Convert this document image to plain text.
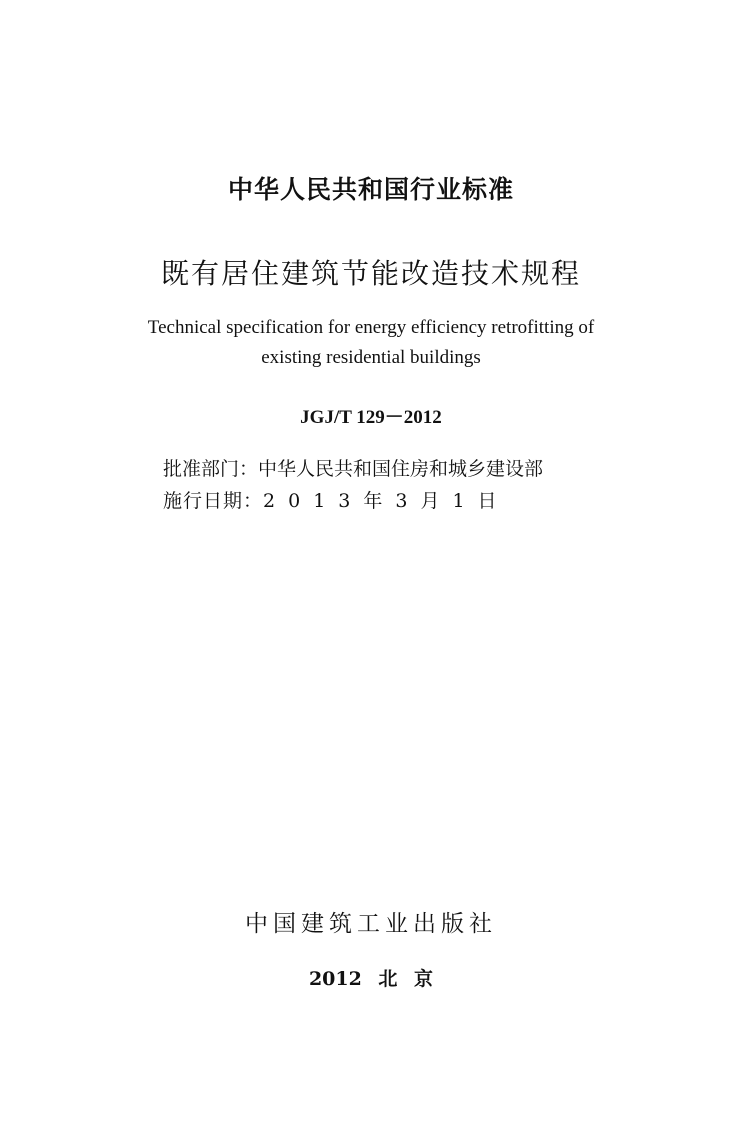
中华人民共和国行业标准
既有居住建筑节能改造技术规程
Technical specification for energy efficiency retrofitting of
existing residential buildings
JGJ/T 129－2012
批准部门：中华人民共和国住房和城乡建设部
施行日期：2013年3月1日
中国建筑工业出版社
2012 北 京
